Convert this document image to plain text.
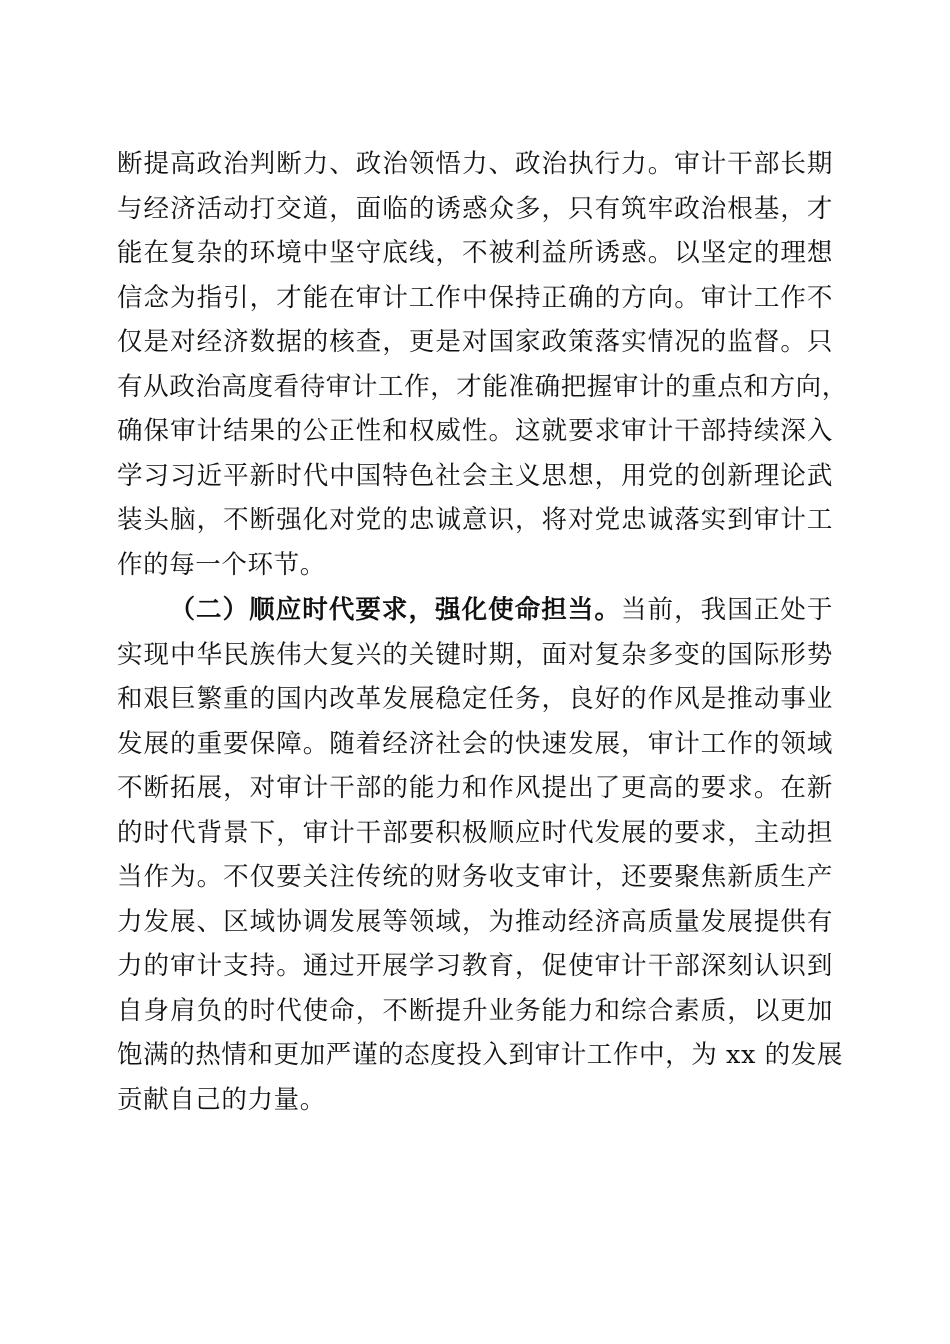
断提高政治判断力、政治领悟力、政治执行力。审计干部长期
与经济活动打交道，面临的诱惑众多，只有筑牢政治根基，才
能在复杂的环境中坚守底线，不被利益所诱惑。以坚定的理想
信念为指引，才能在审计工作中保持正确的方向。审计工作不
仅是对经济数据的核查，更是对国家政策落实情况的监督。只
有从政治高度看待审计工作，才能准确把握审计的重点和方向，
确保审计结果的公正性和权威性。这就要求审计干部持续深入
学习习近平新时代中国特色社会主义思想，用党的创新理论武
装头脑，不断强化对党的忠诚意识，将对党忠诚落实到审计工
作的每一个环节。
（二）顺应时代要求，强化使命担当。当前，我国正处于
实现中华民族伟大复兴的关键时期，面对复杂多变的国际形势
和艰巨繁重的国内改革发展稳定任务，良好的作风是推动事业
发展的重要保障。随着经济社会的快速发展，审计工作的领域
不断拓展，对审计干部的能力和作风提出了更高的要求。在新
的时代背景下，审计干部要积极顺应时代发展的要求，主动担
当作为。不仅要关注传统的财务收支审计，还要聚焦新质生产
力发展、区域协调发展等领域，为推动经济高质量发展提供有
力的审计支持。通过开展学习教育，促使审计干部深刻认识到
自身肩负的时代使命，不断提升业务能力和综合素质，以更加
饱满的热情和更加严谨的态度投入到审计工作中，为 xx 的发展
贡献自己的力量。
